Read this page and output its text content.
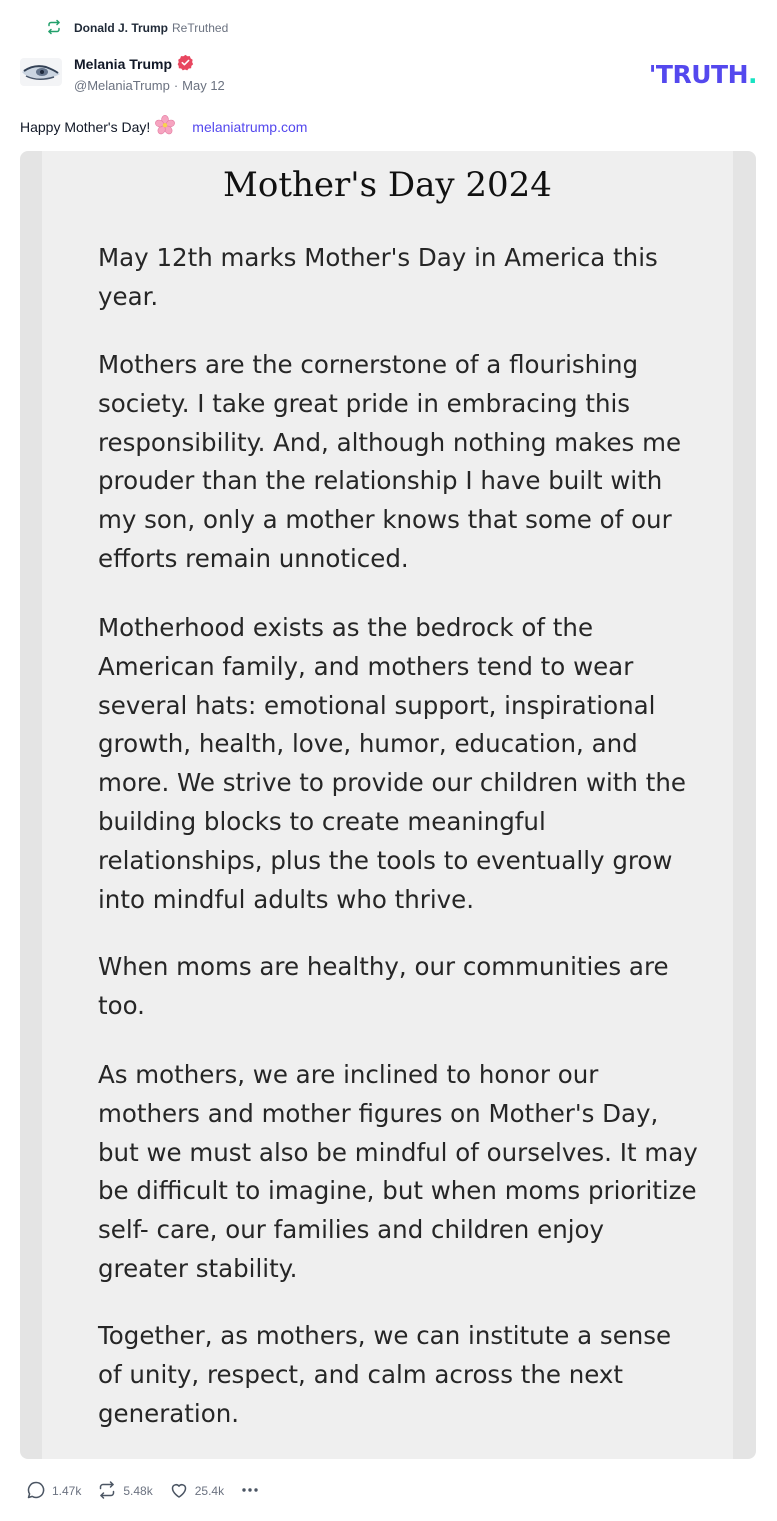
Donald J. Trump ReTruthed
Melania Trump
@MelaniaTrump · May 12	'TRUTH.
Happy Mother's Day!	melaniatrump.com
Mother's Day 2024

May 12th marks Mother's Day in America this year.

Mothers are the cornerstone of a flourishing society. I take great pride in embracing this responsibility. And, although nothing makes me prouder than the relationship I have built with my son, only a mother knows that some of our efforts remain unnoticed.

Motherhood exists as the bedrock of the American family, and mothers tend to wear several hats: emotional support, inspirational growth, health, love, humor, education, and more. We strive to provide our children with the building blocks to create meaningful relationships, plus the tools to eventually grow into mindful adults who thrive.

When moms are healthy, our communities are too.

As mothers, we are inclined to honor our mothers and mother figures on Mother's Day, but we must also be mindful of ourselves. It may be difficult to imagine, but when moms prioritize self- care, our families and children enjoy greater stability.

Together, as mothers, we can institute a sense of unity, respect, and calm across the next generation.

1.47k	5.48k	25.4k
